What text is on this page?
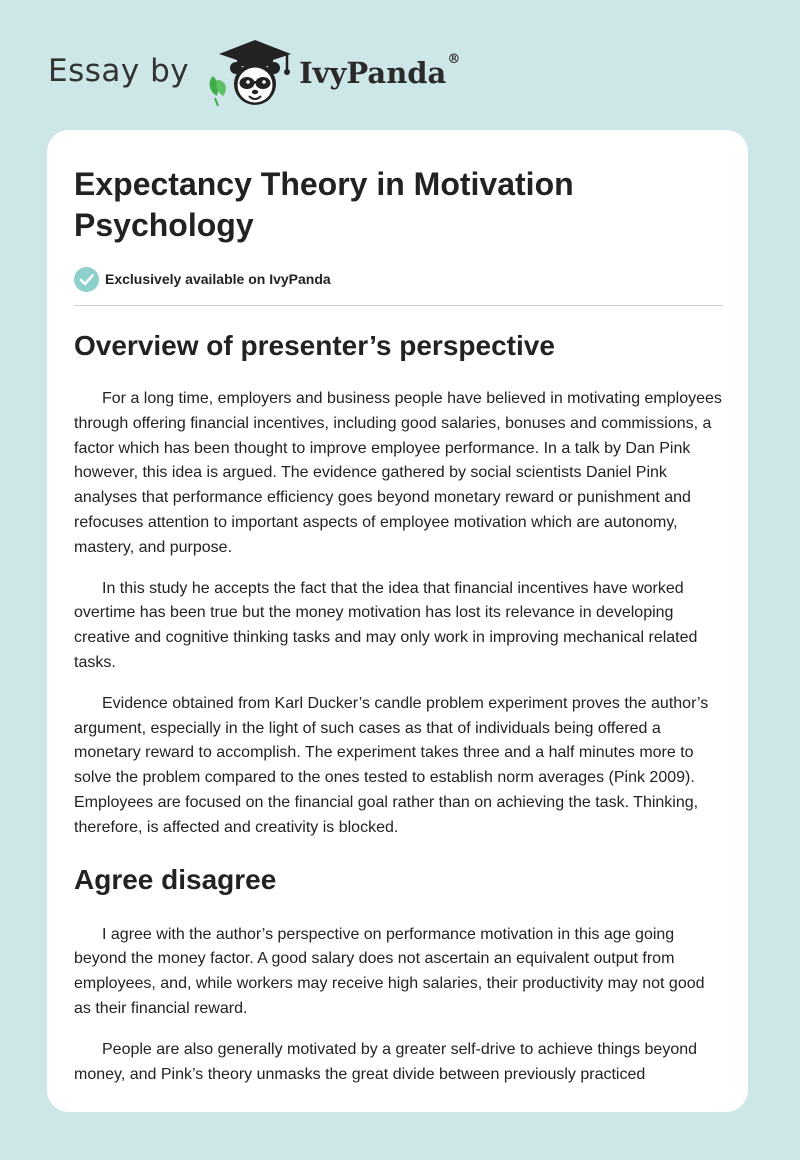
Essay by	IvyPanda®
Expectancy Theory in Motivation Psychology
Exclusively available on IvyPanda
Overview of presenter’s perspective

For a long time, employers and business people have believed in motivating employees through offering financial incentives, including good salaries, bonuses and commissions, a factor which has been thought to improve employee performance. In a talk by Dan Pink however, this idea is argued. The evidence gathered by social scientists Daniel Pink analyses that performance efficiency goes beyond monetary reward or punishment and refocuses attention to important aspects of employee motivation which are autonomy, mastery, and purpose.

In this study he accepts the fact that the idea that financial incentives have worked overtime has been true but the money motivation has lost its relevance in developing creative and cognitive thinking tasks and may only work in improving mechanical related tasks.

Evidence obtained from Karl Ducker’s candle problem experiment proves the author’s argument, especially in the light of such cases as that of individuals being offered a monetary reward to accomplish. The experiment takes three and a half minutes more to solve the problem compared to the ones tested to establish norm averages (Pink 2009). Employees are focused on the financial goal rather than on achieving the task. Thinking, therefore, is affected and creativity is blocked.

Agree disagree

I agree with the author’s perspective on performance motivation in this age going beyond the money factor. A good salary does not ascertain an equivalent output from employees, and, while workers may receive high salaries, their productivity may not good as their financial reward.

People are also generally motivated by a greater self-drive to achieve things beyond money, and Pink’s theory unmasks the great divide between previously practiced
